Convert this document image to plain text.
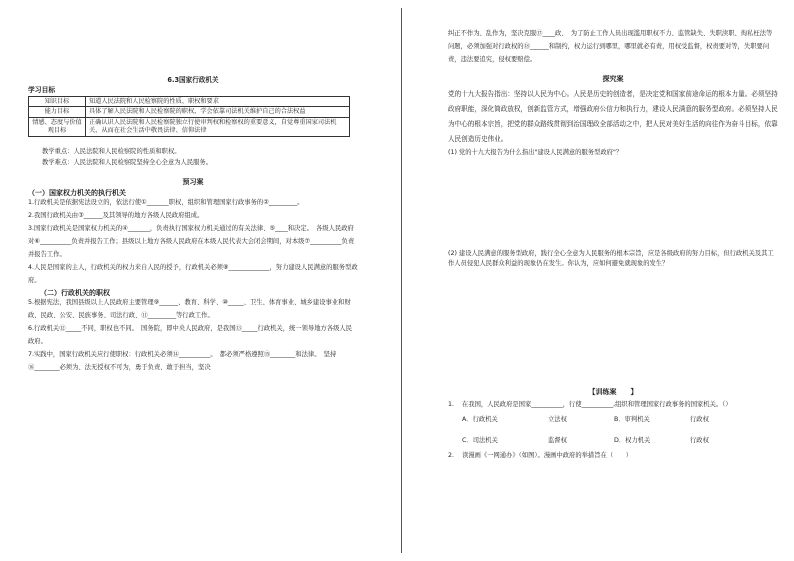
6.3国家行政机关

学习目标

知识目标	知道人民法院和人民检察院的性质、职权和要求
能力目标	具体了解人民法院和人民检察院的职权，学会依靠司法机关维护自己的合法权益
情感、态度与价值观目标	正确认识人民法院和人民检察院独立行使审判权和检察权的重要意义，自觉尊重国家司法机关，从而在社会生活中敬畏法律、信仰法律

教学重点：人民法院和人民检察院的性质和职权。

教学难点：人民法院和人民检察院坚持全心全意为人民服务。

预习案

（一）国家权力机关的执行机关

1.行政机关是依据宪法设立的，依法行使①_______职权，组织和管理国家行政事务的②_________。

2.我国行政机关由③______及其领导的地方各级人民政府组成。

3.国家行政机关是国家权力机关的④_______，负责执行国家权力机关通过的有关法律、⑤____和决定。　各级人民政府对⑥__________负责并报告工作；县级以上地方各级人民政府在本级人民代表大会闭会期间，对本级⑦__________负责并报告工作。

4.人民是国家的主人，行政机关的权力来自人民的授予，行政机关必须⑧_____________，努力建设人民满意的服务型政府。

（二）行政机关的职权

5.根据宪法，我国县级以上人民政府主要管理⑨______、教育、科学、⑩_____、卫生、体育事业、城乡建设事业和财政、民政、公安、民族事务、司法行政、⑪_________等行政工作。

6.行政机关⑫_____不同，职权也不同。　国务院，即中央人民政府，是我国⑬_____行政机关，统一领导地方各级人民政府。

7.实践中，国家行政机关应行使职权：行政机关必须⑭__________。　都必须严格遵照⑮________和法律。　坚持⑯________必须为、法无授权不可为，勇于负责、敢于担当，坚决

纠正不作为、乱作为，坚决克服⑰____政、　为了防止工作人员出现滥用职权不力、监管缺失、失职渎职、徇私枉法等问题，必须加强对行政权的⑱______和制约，权力运行到哪里，哪里就必有责，用权受监督，权责要对等，失职要问责，违法要追究，侵权要赔偿。

探究案

党的十九大报告指出：坚持以人民为中心。人民是历史的创造者，是决定党和国家前途命运的根本力量。必须坚持政府职能，深化简政放权，创新监管方式，增强政府公信力和执行力，建设人民满意的服务型政府。必须坚持人民为中心的根本宗旨，把党的群众路线贯彻到治国理政全部活动之中，把人民对美好生活的向往作为奋斗目标，依靠人民创造历史伟业。

(1) 党的十九大报告为什么指出"建设人民满意的服务型政府"？

(2) 建设人民满意的服务型政府，践行全心全意为人民服务的根本宗旨，应是各级政府的努力目标，但行政机关及其工作人员侵犯人民群众利益的现象仍在发生。你认为，应如何避免就现象的发生？

【训练案　　】

1.	在我国，人民政府是国家__________，行使__________,组织和管理国家行政事务的国家机关。（）
A．行政机关	立法权	B．审判机关	行政权
C．司法机关	监督权	D．权力机关	行政权
2.	读漫画《一网通办》（如图）。漫画中政府的举措旨在（　　）
